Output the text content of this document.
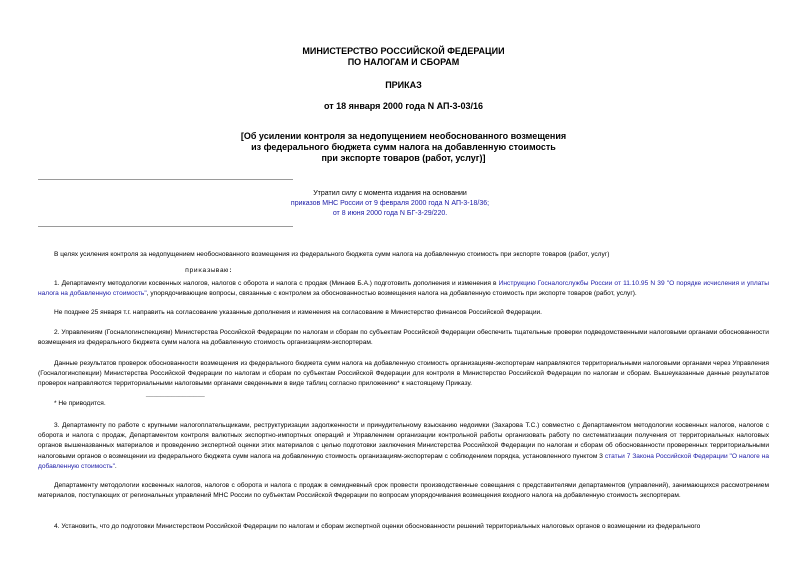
МИНИСТЕРСТВО РОССИЙСКОЙ ФЕДЕРАЦИИ
ПО НАЛОГАМ И СБОРАМ
ПРИКАЗ
от 18 января 2000 года N АП-3-03/16
[Об усилении контроля за недопущением необоснованного возмещения
из федерального бюджета сумм налога на добавленную стоимость
при экспорте товаров (работ, услуг)]
Утратил силу с момента издания на основании
приказов МНС России от 9 февраля 2000 года N АП-3-18/36;
от 8 июня 2000 года N БГ-3-29/220.
В целях усиления контроля за недопущением необоснованного возмещения из федерального бюджета сумм налога на добавленную стоимость при экспорте товаров (работ, услуг)
приказываю:
1. Департаменту методологии косвенных налогов, налогов с оборота и налога с продаж (Минаев Б.А.) подготовить дополнения и изменения в Инструкцию Госналогслужбы России от 11.10.95 N 39 "О порядке исчисления и уплаты налога на добавленную стоимость", упорядочивающие вопросы, связанные с контролем за обоснованностью возмещения налога на добавленную стоимость при экспорте товаров (работ, услуг).
Не позднее 25 января т.г. направить на согласование указанные дополнения и изменения на согласование в Министерство финансов Российской Федерации.
2. Управлениям (Госналогинспекциям) Министерства Российской Федерации по налогам и сборам по субъектам Российской Федерации обеспечить тщательные проверки подведомственными налоговыми органами обоснованности возмещения из федерального бюджета сумм налога на добавленную стоимость организациям-экспортерам.
Данные результатов проверок обоснованности возмещения из федерального бюджета сумм налога на добавленную стоимость организациям-экспортерам направляются территориальными налоговыми органами через Управления (Госналогинспекции) Министерства Российской Федерации по налогам и сборам по субъектам Российской Федерации для контроля в Министерство Российской Федерации по налогам и сборам. Вышеуказанные данные результатов проверок направляются территориальными налоговыми органами сведенными в виде таблиц согласно приложению* к настоящему Приказу.
________________
* Не приводится.
3. Департаменту по работе с крупными налогоплательщиками, реструктуризации задолженности и принудительному взысканию недоимки (Захарова Т.С.) совместно с Департаментом методологии косвенных налогов, налогов с оборота и налога с продаж, Департаментом контроля валютных экспортно-импортных операций и Управлением организации контрольной работы организовать работу по систематизации получения от территориальных налоговых органов вышеназванных материалов и проведению экспертной оценки этих материалов с целью подготовки заключения Министерства Российской Федерации по налогам и сборам об обоснованности проверенных территориальными налоговыми органов о возмещении из федерального бюджета сумм налога на добавленную стоимость организациям-экспортерам с соблюдением порядка, установленного пунктом 3 статьи 7 Закона Российской Федерации "О налоге на добавленную стоимость".
Департаменту методологии косвенных налогов, налогов с оборота и налога с продаж в семидневный срок провести производственные совещания с представителями департаментов (управлений), занимающихся рассмотрением материалов, поступающих от региональных управлений МНС России по субъектам Российской Федерации по вопросам упорядочивания возмещения входного налога на добавленную стоимость экспортерам.
4. Установить, что до подготовки Министерством Российской Федерации по налогам и сборам экспертной оценки обоснованности решений территориальных налоговых органов о возмещении из федерального
